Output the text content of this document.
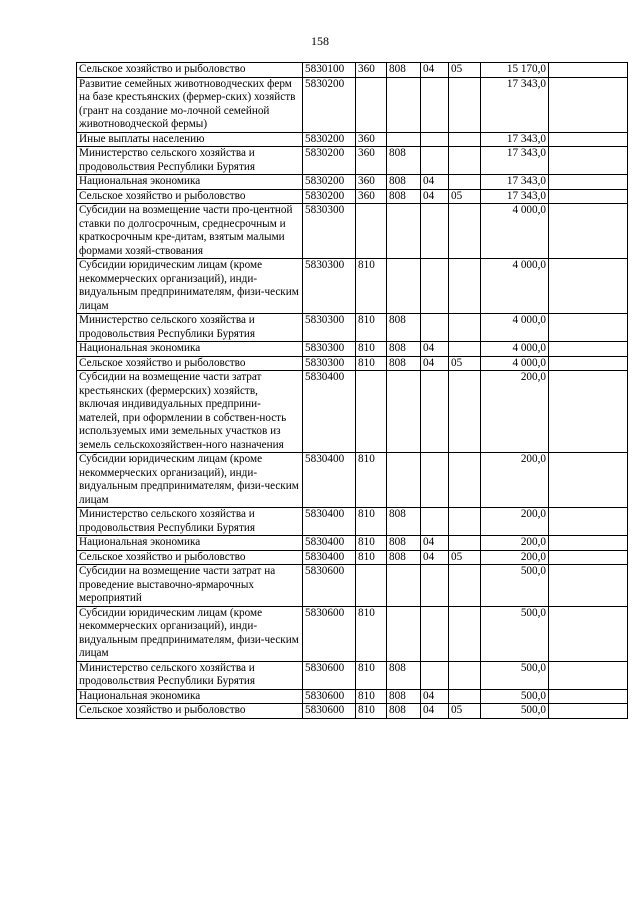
158
Сельское хозяйство и рыболовство	5830100	360	808	04	05	15 170,0	
Развитие семейных животноводческих ферм на базе крестьянских (фермер-ских) хозяйств (грант на создание мо-лочной семейной животноводческой фермы)	5830200					17 343,0	
Иные выплаты населению	5830200	360				17 343,0	
Министерство сельского хозяйства и продовольствия Республики Бурятия	5830200	360	808			17 343,0	
Национальная экономика	5830200	360	808	04		17 343,0	
Сельское хозяйство и рыболовство	5830200	360	808	04	05	17 343,0	
Субсидии на возмещение части про-центной ставки по долгосрочным, среднесрочным и краткосрочным кре-дитам, взятым малыми формами хозяй-ствования	5830300					4 000,0	
Субсидии юридическим лицам (кроме некоммерческих организаций), инди-видуальным предпринимателям, физи-ческим лицам	5830300	810				4 000,0	
Министерство сельского хозяйства и продовольствия Республики Бурятия	5830300	810	808			4 000,0	
Национальная экономика	5830300	810	808	04		4 000,0	
Сельское хозяйство и рыболовство	5830300	810	808	04	05	4 000,0	
Субсидии на возмещение части затрат крестьянских (фермерских) хозяйств, включая индивидуальных предприни-мателей, при оформлении в собствен-ность используемых ими земельных участков из земель сельскохозяйствен-ного назначения	5830400					200,0	
Субсидии юридическим лицам (кроме некоммерческих организаций), инди-видуальным предпринимателям, физи-ческим лицам	5830400	810				200,0	
Министерство сельского хозяйства и продовольствия Республики Бурятия	5830400	810	808			200,0	
Национальная экономика	5830400	810	808	04		200,0	
Сельское хозяйство и рыболовство	5830400	810	808	04	05	200,0	
Субсидии на возмещение части затрат на проведение выставочно-ярмарочных мероприятий	5830600					500,0	
Субсидии юридическим лицам (кроме некоммерческих организаций), инди-видуальным предпринимателям, физи-ческим лицам	5830600	810				500,0	
Министерство сельского хозяйства и продовольствия Республики Бурятия	5830600	810	808			500,0	
Национальная экономика	5830600	810	808	04		500,0	
Сельское хозяйство и рыболовство	5830600	810	808	04	05	500,0	
